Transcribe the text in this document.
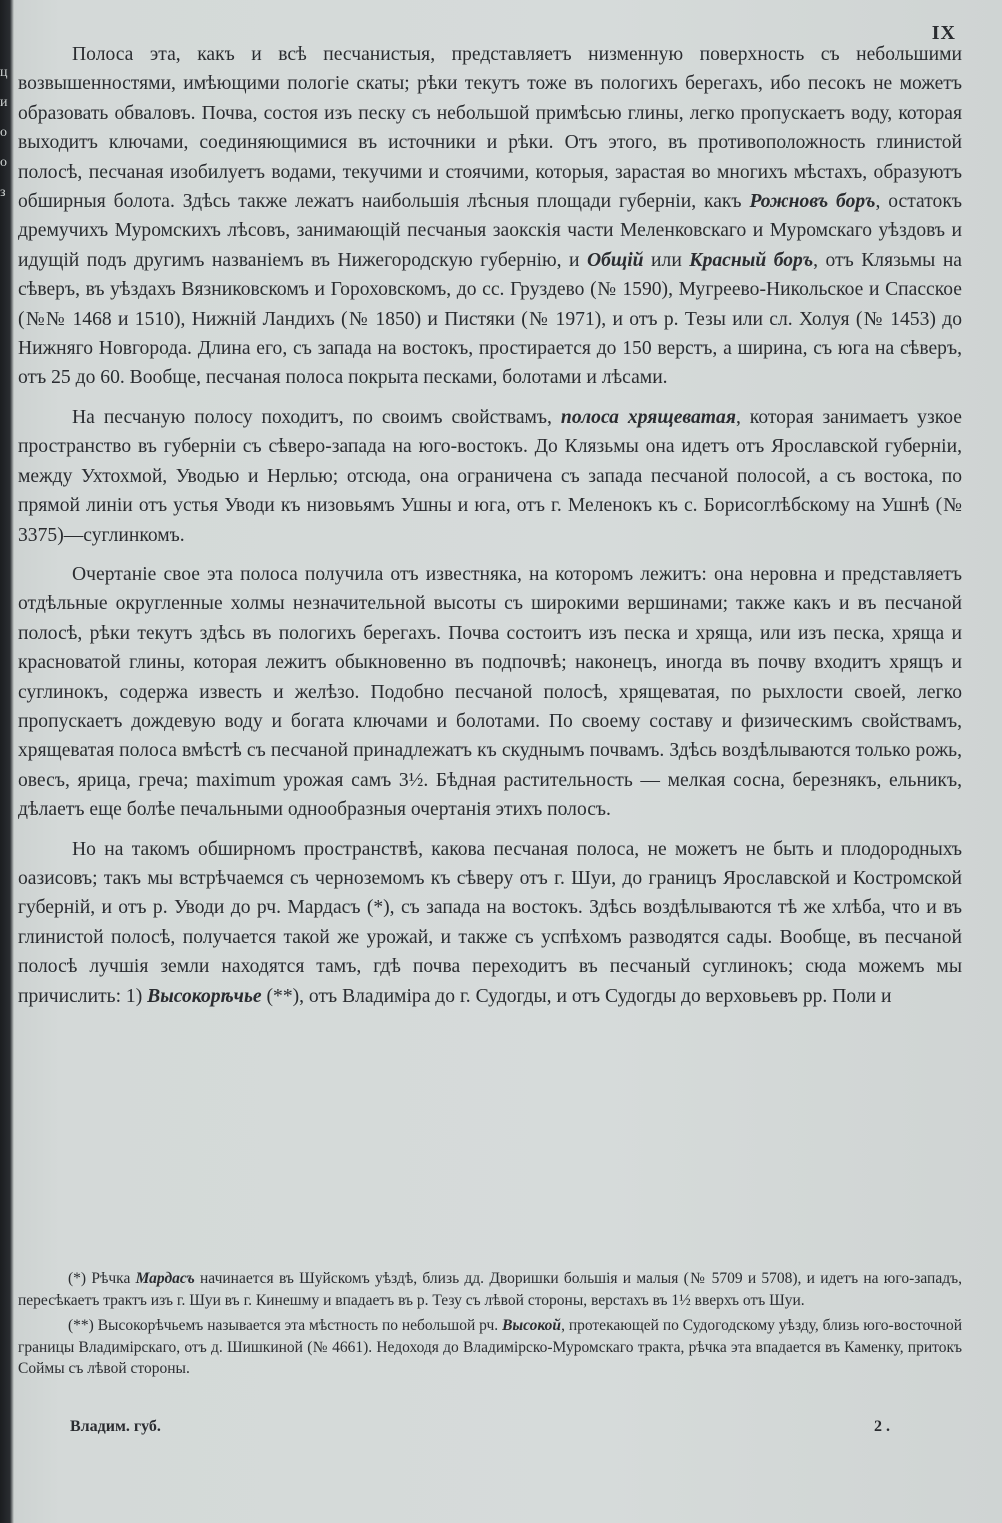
ц
и
о
о
з
IX

Полоса эта, какъ и всѣ песчанистыя, представляетъ низменную поверхность съ небольшими возвышенностями, имѣющими пологіе скаты; рѣки текутъ тоже въ пологихъ берегахъ, ибо песокъ не можетъ образовать обваловъ. Почва, состоя изъ песку съ небольшой примѣсью глины, легко пропускаетъ воду, которая выходитъ ключами, соединяющимися въ источники и рѣки. Отъ этого, въ противоположность глинистой полосѣ, песчаная изобилуетъ водами, текучими и стоячими, которыя, зарастая во многихъ мѣстахъ, образуютъ обширныя болота. Здѣсь также лежатъ наибольшія лѣсныя площади губерніи, какъ Рожновъ боръ, остатокъ дремучихъ Муромскихъ лѣсовъ, занимающій песчаныя заокскія части Меленковскаго и Муромскаго уѣздовъ и идущій подъ другимъ названіемъ въ Нижегородскую губернію, и Общій или Красный боръ, отъ Клязьмы на сѣверъ, въ уѣздахъ Вязниковскомъ и Гороховскомъ, до сс. Груздево (№ 1590), Мугреево-Никольское и Спасское (№№ 1468 и 1510), Нижній Ландихъ (№ 1850) и Пистяки (№ 1971), и отъ р. Тезы или сл. Холуя (№ 1453) до Нижняго Новгорода. Длина его, съ запада на востокъ, простирается до 150 верстъ, а ширина, съ юга на сѣверъ, отъ 25 до 60. Вообще, песчаная полоса покрыта песками, болотами и лѣсами.

На песчаную полосу походитъ, по своимъ свойствамъ, полоса хрящеватая, которая занимаетъ узкое пространство въ губерніи съ сѣверо-запада на юго-востокъ. До Клязьмы она идетъ отъ Ярославской губерніи, между Ухтохмой, Уводью и Нерлью; отсюда, она ограничена съ запада песчаной полосой, а съ востока, по прямой линіи отъ устья Уводи къ низовьямъ Ушны и юга, отъ г. Меленокъ къ с. Борисоглѣбскому на Ушнѣ (№ 3375)—суглинкомъ.

Очертаніе свое эта полоса получила отъ известняка, на которомъ лежитъ: она неровна и представляетъ отдѣльные округленные холмы незначительной высоты съ широкими вершинами; также какъ и въ песчаной полосѣ, рѣки текутъ здѣсь въ пологихъ берегахъ. Почва состоитъ изъ песка и хряща, или изъ песка, хряща и красноватой глины, которая лежитъ обыкновенно въ подпочвѣ; наконецъ, иногда въ почву входитъ хрящъ и суглинокъ, содержа известь и желѣзо. Подобно песчаной полосѣ, хрящеватая, по рыхлости своей, легко пропускаетъ дождевую воду и богата ключами и болотами. По своему составу и физическимъ свойствамъ, хрящеватая полоса вмѣстѣ съ песчаной принадлежатъ къ скуднымъ почвамъ. Здѣсь воздѣлываются только рожь, овесъ, ярица, греча; maximum урожая самъ 3½. Бѣдная растительность — мелкая сосна, березнякъ, ельникъ, дѣлаетъ еще болѣе печальными однообразныя очертанія этихъ полосъ.

Но на такомъ обширномъ пространствѣ, какова песчаная полоса, не можетъ не быть и плодородныхъ оазисовъ; такъ мы встрѣчаемся съ черноземомъ къ сѣверу отъ г. Шуи, до границъ Ярославской и Костромской губерній, и отъ р. Уводи до рч. Мардасъ (*), съ запада на востокъ. Здѣсь воздѣлываются тѣ же хлѣба, что и въ глинистой полосѣ, получается такой же урожай, и также съ успѣхомъ разводятся сады. Вообще, въ песчаной полосѣ лучшія земли находятся тамъ, гдѣ почва переходитъ въ песчаный суглинокъ; сюда можемъ мы причислить: 1) Высокорѣчье (**), отъ Владиміра до г. Судогды, и отъ Судогды до верховьевъ рр. Поли и

(*) Рѣчка Мардасъ начинается въ Шуйскомъ уѣздѣ, близь дд. Дворишки большія и малыя (№ 5709 и 5708), и идетъ на юго-западъ, пересѣкаетъ трактъ изъ г. Шуи въ г. Кинешму и впадаетъ въ р. Тезу съ лѣвой стороны, верстахъ въ 1½ вверхъ отъ Шуи.

(**) Высокорѣчьемъ называется эта мѣстность по небольшой рч. Высокой, протекающей по Судогодскому уѣзду, близь юго-восточной границы Владимірскаго, отъ д. Шишкиной (№ 4661). Недоходя до Владимірско-Муромскаго тракта, рѣчка эта впадается въ Каменку, притокъ Соймы съ лѣвой стороны.

Владим. губ.	2 .
